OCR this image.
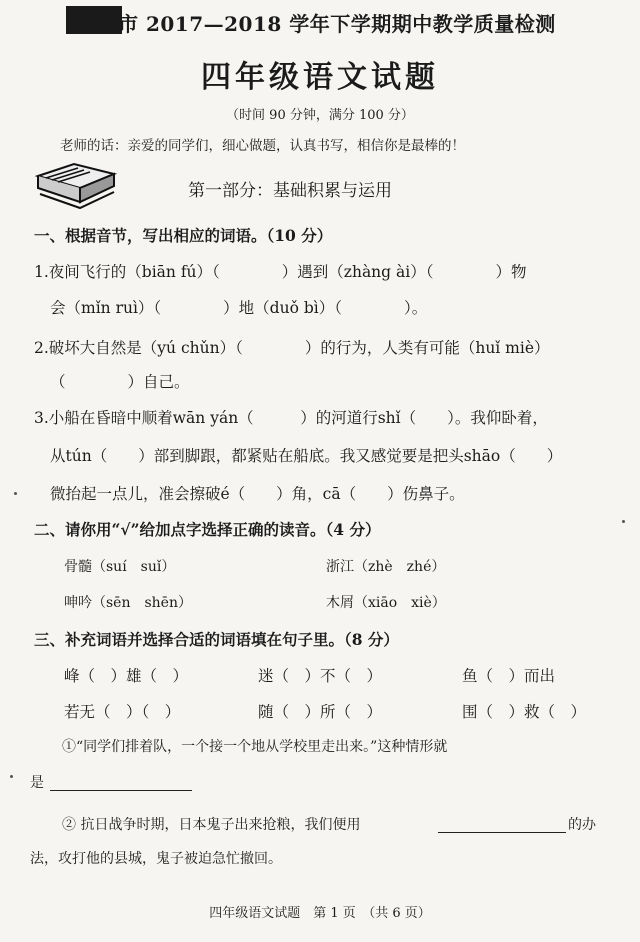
市 2017—2018 学年下学期期中教学质量检测
四年级语文试题
（时间 90 分钟，满分 100 分）
老师的话：亲爱的同学们，细心做题，认真书写，相信你是最棒的！
第一部分：基础积累与运用
一、根据音节，写出相应的词语。（10 分）
1.夜间飞行的（biān fú）（　　　　）遇到（zhàng ài）（　　　　）物
会（mǐn ruì）（　　　　）地（duǒ bì）（　　　　）。
2.破坏大自然是（yú chǔn）（　　　　）的行为，人类有可能（huǐ miè）
（　　　　）自己。
3.小船在昏暗中顺着wān yán（　　　）的河道行shǐ（　　）。我仰卧着，
从tún（　　）部到脚跟，都紧贴在船底。我又感觉要是把头shāo（　　）
微抬起一点儿，准会擦破é（　　）角，cā（　　）伤鼻子。
二、请你用“√”给加点字选择正确的读音。（4 分）
骨髓（suí　suǐ）	浙江（zhè　zhé）
呻吟（sēn　shēn）	木屑（xiāo　xiè）
三、补充词语并选择合适的词语填在句子里。（8 分）
峰（　）雄（　）	迷（　）不（　）	鱼（　）而出
若无（　）（　）	随（　）所（　）	围（　）救（　）
①“同学们排着队，一个接一个地从学校里走出来。”这种情形就
是
② 抗日战争时期，日本鬼子出来抢粮，我们便用	的办
法，攻打他的县城，鬼子被迫急忙撤回。
四年级语文试题　第 1 页　（共 6 页）
